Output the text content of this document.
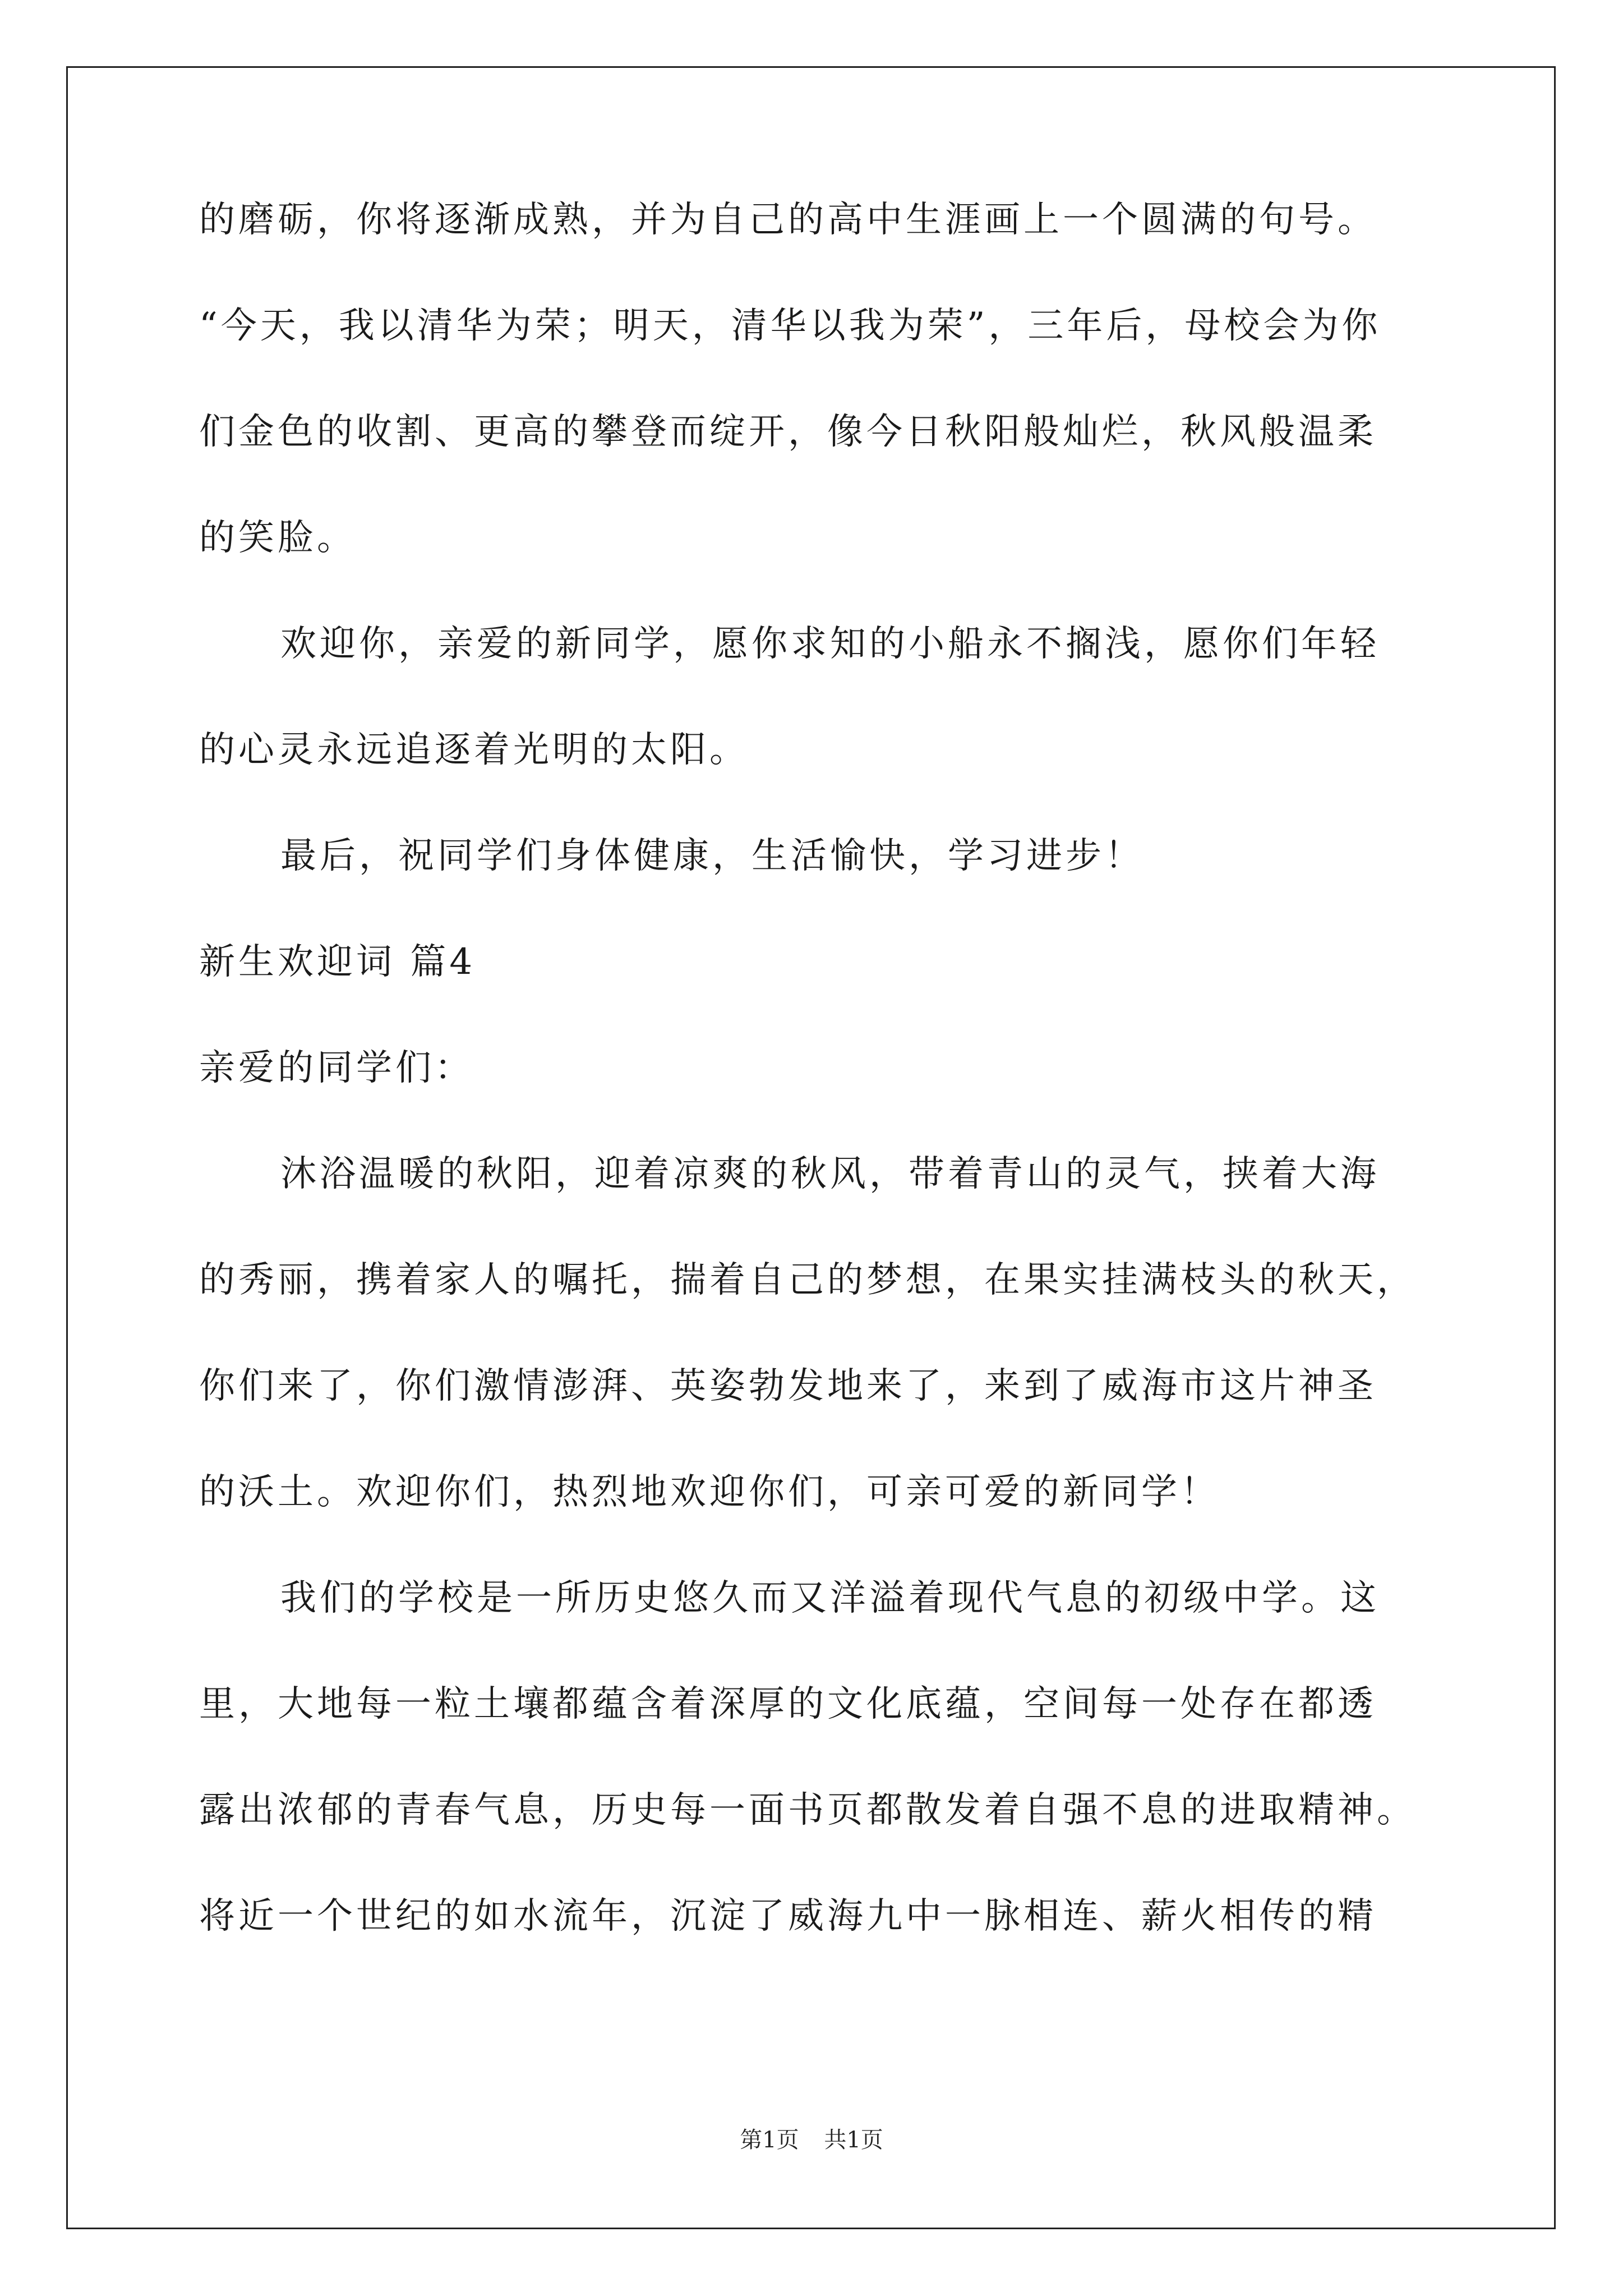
的磨砺，你将逐渐成熟，并为自己的高中生涯画上一个圆满的句号。
“今天，我以清华为荣；明天，清华以我为荣”，三年后，母校会为你
们金色的收割、更高的攀登而绽开，像今日秋阳般灿烂，秋风般温柔
的笑脸。
欢迎你，亲爱的新同学，愿你求知的小船永不搁浅，愿你们年轻
的心灵永远追逐着光明的太阳。
最后，祝同学们身体健康，生活愉快，学习进步！
新生欢迎词 篇4
亲爱的同学们：
沐浴温暖的秋阳，迎着凉爽的秋风，带着青山的灵气，挟着大海
的秀丽，携着家人的嘱托，揣着自己的梦想，在果实挂满枝头的秋天，
你们来了，你们激情澎湃、英姿勃发地来了，来到了威海市这片神圣
的沃土。欢迎你们，热烈地欢迎你们，可亲可爱的新同学！
我们的学校是一所历史悠久而又洋溢着现代气息的初级中学。这
里，大地每一粒土壤都蕴含着深厚的文化底蕴，空间每一处存在都透
露出浓郁的青春气息，历史每一面书页都散发着自强不息的进取精神。
将近一个世纪的如水流年，沉淀了威海九中一脉相连、薪火相传的精
第1页 共1页
